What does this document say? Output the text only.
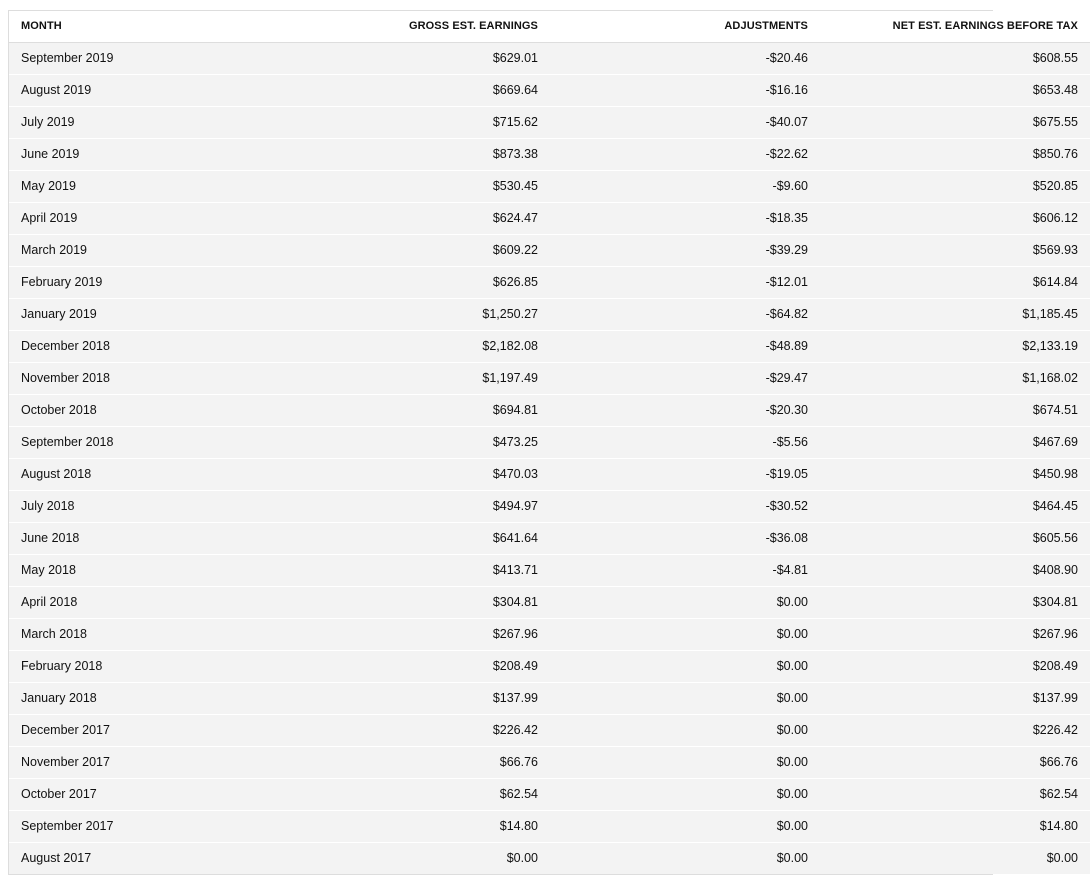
MONTH	GROSS EST. EARNINGS	ADJUSTMENTS	NET EST. EARNINGS BEFORE TAX
September 2019	$629.01	-$20.46	$608.55
August 2019	$669.64	-$16.16	$653.48
July 2019	$715.62	-$40.07	$675.55
June 2019	$873.38	-$22.62	$850.76
May 2019	$530.45	-$9.60	$520.85
April 2019	$624.47	-$18.35	$606.12
March 2019	$609.22	-$39.29	$569.93
February 2019	$626.85	-$12.01	$614.84
January 2019	$1,250.27	-$64.82	$1,185.45
December 2018	$2,182.08	-$48.89	$2,133.19
November 2018	$1,197.49	-$29.47	$1,168.02
October 2018	$694.81	-$20.30	$674.51
September 2018	$473.25	-$5.56	$467.69
August 2018	$470.03	-$19.05	$450.98
July 2018	$494.97	-$30.52	$464.45
June 2018	$641.64	-$36.08	$605.56
May 2018	$413.71	-$4.81	$408.90
April 2018	$304.81	$0.00	$304.81
March 2018	$267.96	$0.00	$267.96
February 2018	$208.49	$0.00	$208.49
January 2018	$137.99	$0.00	$137.99
December 2017	$226.42	$0.00	$226.42
November 2017	$66.76	$0.00	$66.76
October 2017	$62.54	$0.00	$62.54
September 2017	$14.80	$0.00	$14.80
August 2017	$0.00	$0.00	$0.00
